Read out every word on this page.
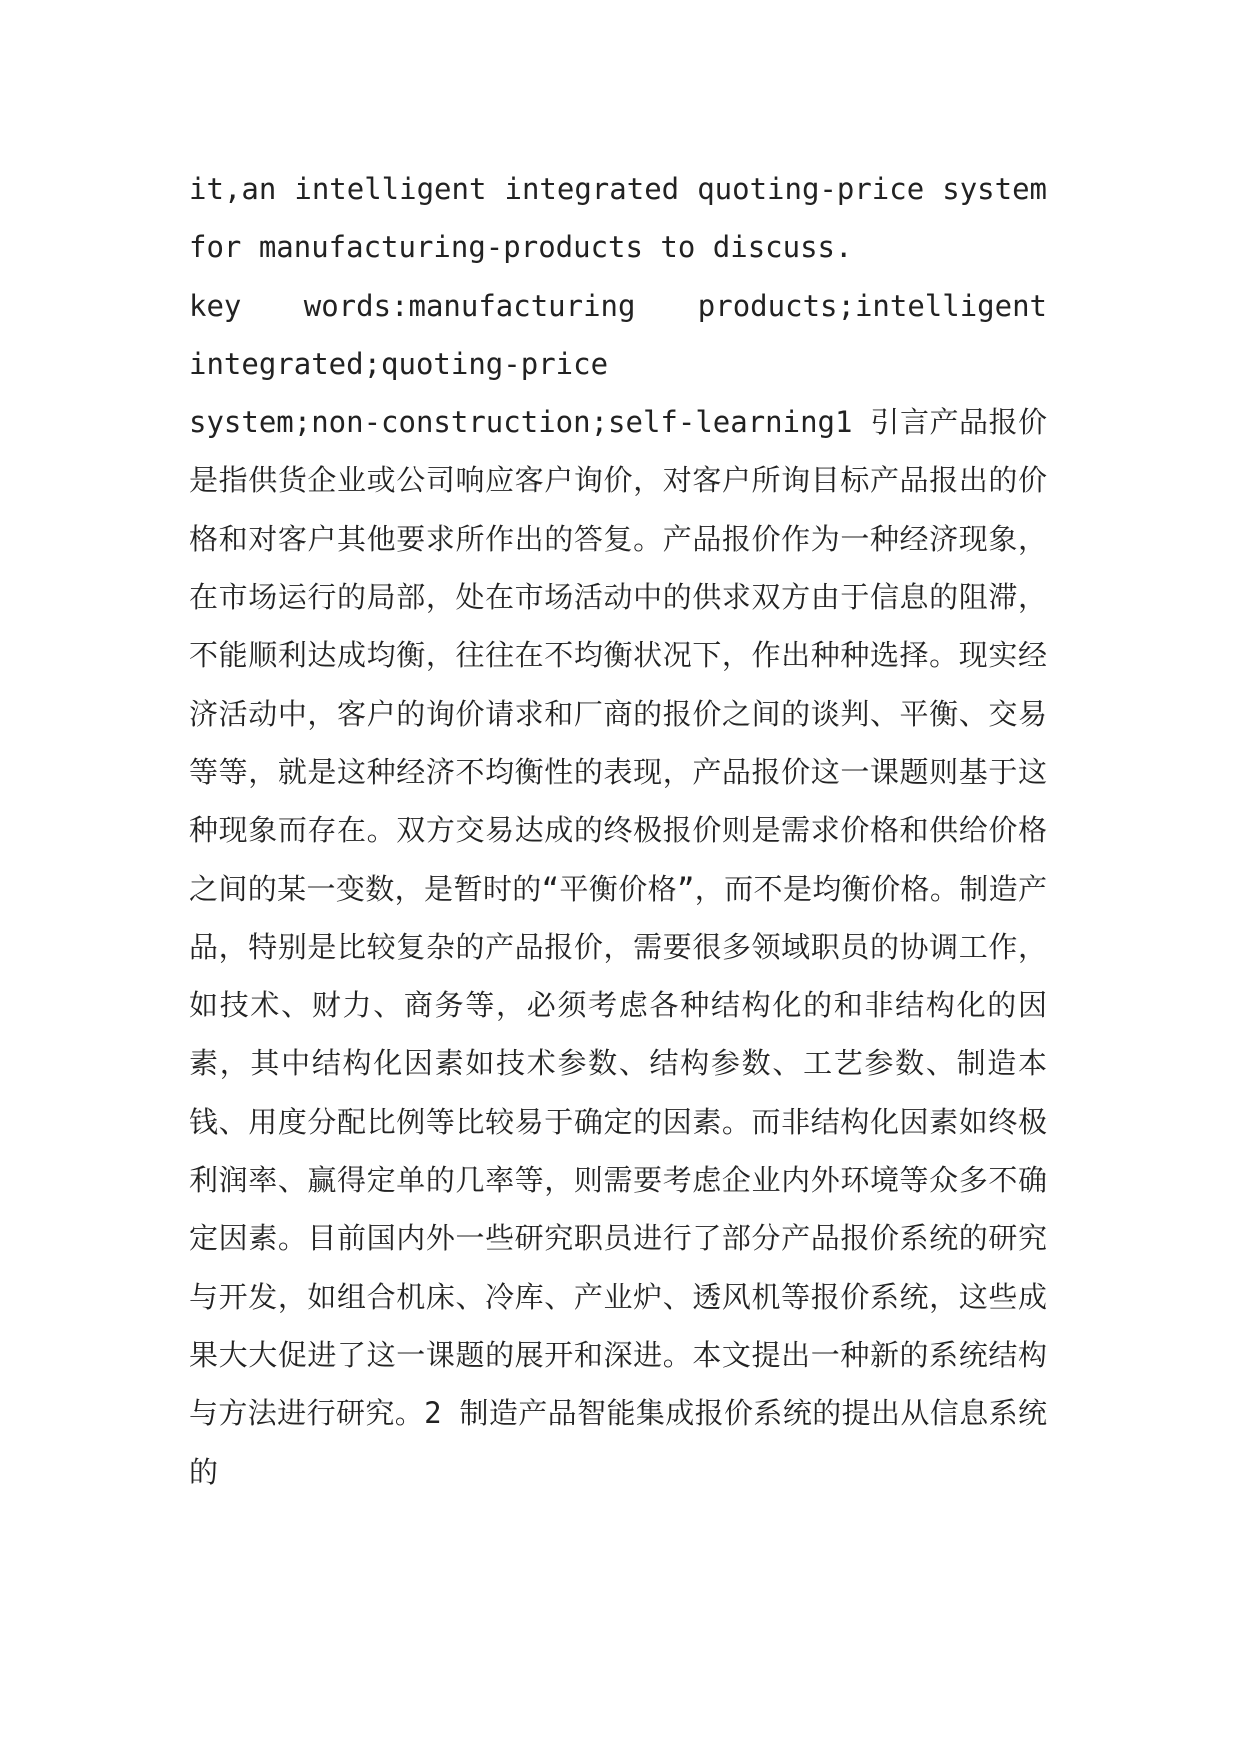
it,an intelligent integrated quoting-price system for manufacturing-products to discuss.

key words:manufacturing products;intelligent

integrated;quoting-price

system;non-construction;self-learning1 引言产品报价是指供货企业或公司响应客户询价，对客户所询目标产品报出的价格和对客户其他要求所作出的答复。产品报价作为一种经济现象，在市场运行的局部，处在市场活动中的供求双方由于信息的阻滞，不能顺利达成均衡，往往在不均衡状况下，作出种种选择。现实经济活动中，客户的询价请求和厂商的报价之间的谈判、平衡、交易等等，就是这种经济不均衡性的表现，产品报价这一课题则基于这种现象而存在。双方交易达成的终极报价则是需求价格和供给价格之间的某一变数，是暂时的“平衡价格”，而不是均衡价格。制造产品，特别是比较复杂的产品报价，需要很多领域职员的协调工作，如技术、财力、商务等，必须考虑各种结构化的和非结构化的因素，其中结构化因素如技术参数、结构参数、工艺参数、制造本钱、用度分配比例等比较易于确定的因素。而非结构化因素如终极利润率、赢得定单的几率等，则需要考虑企业内外环境等众多不确定因素。目前国内外一些研究职员进行了部分产品报价系统的研究与开发，如组合机床、冷库、产业炉、透风机等报价系统，这些成果大大促进了这一课题的展开和深进。本文提出一种新的系统结构与方法进行研究。2 制造产品智能集成报价系统的提出从信息系统的
